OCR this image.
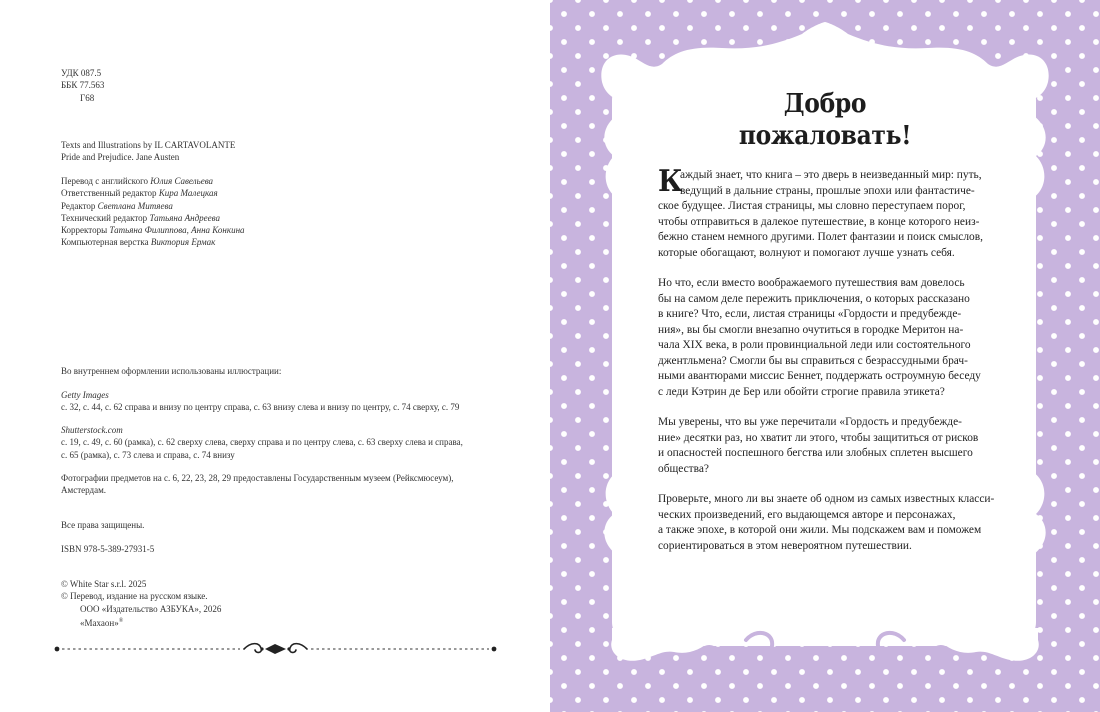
УДК 087.5
ББК 77.563
Г68
Texts and Illustrations by IL CARTAVOLANTE
Pride and Prejudice. Jane Austen
Перевод с английского Юлия Савельева
Ответственный редактор Кира Малецкая
Редактор Светлана Митяева
Технический редактор Татьяна Андреева
Корректоры Татьяна Филиппова, Анна Конкина
Компьютерная верстка Виктория Ермак
Во внутреннем оформлении использованы иллюстрации:
Getty Images
с. 32, с. 44, с. 62 справа и внизу по центру справа, с. 63 внизу слева и внизу по центру, с. 74 сверху, с. 79
Shutterstock.com
с. 19, с. 49, с. 60 (рамка), с. 62 сверху слева, сверху справа и по центру слева, с. 63 сверху слева и справа,
с. 65 (рамка), с. 73 слева и справа, с. 74 внизу
Фотографии предметов на с. 6, 22, 23, 28, 29 предоставлены Государственным музеем (Рейксмюсеум),
Амстердам.
Все права защищены.
ISBN 978-5-389-27931-5
© White Star s.r.l. 2025
© Перевод, издание на русском языке.
ООО «Издательство АЗБУКА», 2026
«Махаон»®
Добро
пожаловать!
К
аждый знает, что книга – это дверь в неизведанный мир: путь,
ведущий в дальние страны, прошлые эпохи или фантастиче-
ское будущее. Листая страницы, мы словно переступаем порог,
чтобы отправиться в далекое путешествие, в конце которого неиз-
бежно станем немного другими. Полет фантазии и поиск смыслов,
которые обогащают, волнуют и помогают лучше узнать себя.
Но что, если вместо воображаемого путешествия вам довелось
бы на самом деле пережить приключения, о которых рассказано
в книге? Что, если, листая страницы «Гордости и предубежде-
ния», вы бы смогли внезапно очутиться в городке Меритон на-
чала XIX века, в роли провинциальной леди или состоятельного
джентльмена? Смогли бы вы справиться с безрассудными брач-
ными авантюрами миссис Беннет, поддержать остроумную беседу
с леди Кэтрин де Бер или обойти строгие правила этикета?
Мы уверены, что вы уже перечитали «Гордость и предубежде-
ние» десятки раз, но хватит ли этого, чтобы защититься от рисков
и опасностей поспешного бегства или злобных сплетен высшего
общества?
Проверьте, много ли вы знаете об одном из самых известных класси-
ческих произведений, его выдающемся авторе и персонажах,
а также эпохе, в которой они жили. Мы подскажем вам и поможем
сориентироваться в этом невероятном путешествии.
